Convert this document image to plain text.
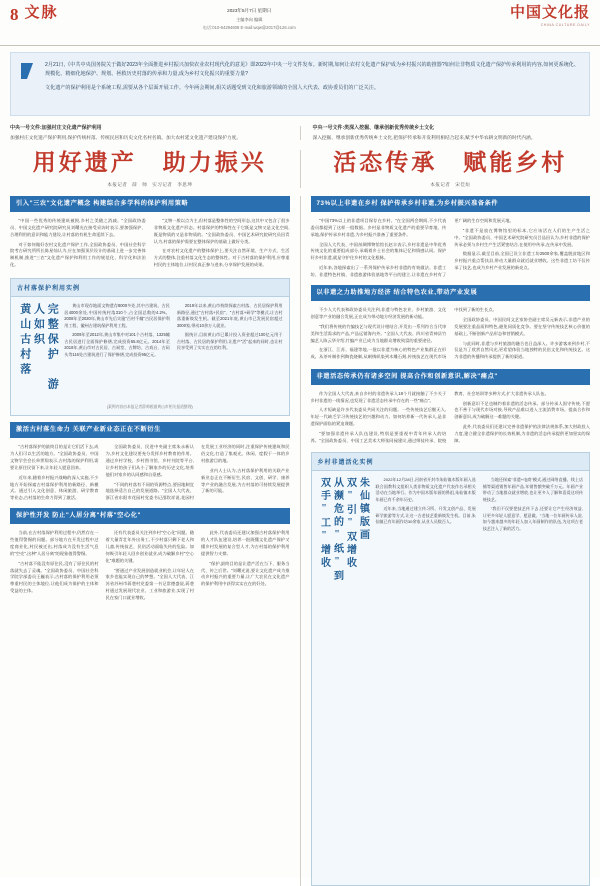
8 文脉	2023年5月7日 星期日
主编李向 编辑
电话:010-64294608 E-mail:wqw@2017@126.com
中国文化报
CHINA CULTURE DAILY

2月21日,《中共中央国务院关于做好2023年全面推进乡村振兴加快农业农村现代化的意见》即2023年中央一号文件发布。新时期,如何让农村文化遗产保护成为乡村振兴的助推器?如何让非物质文化遗产保护传承利用的内容,如何更系统化、规模化、精细化地保护、规划、拯救历史村落的传承和力量,成为乡村文化振兴的重要力量?

文化遗产的保护利用是个系统工程,需要从各个层面开展工作。今年两会期间,相关话题受到文化和旅游领域的全国人大代表、政协委员们的广泛关注。

中央一号文件:加强村庄文化遗产保护利用
加强村庄文化遗产保护利用,保护传统村落、传统民居和历史文化名村名镇。加大农村延文化遗产建设保护力度。
中央一号文件:类深入挖掘、继承创新优秀传统乡土文化
深入挖掘、继承创新优秀传统乡土文化,把保护传承和开发利用相结合起来,赋予中华农耕文明新的时代内涵。
用好遗产　助力振兴
本报记者　薛　帅　实习记者　李思坤
活态传承　赋能乡村
本报记者　宋佳烜
引入"三农"文化遗产概念 构建综合多学科的保护利用策略

"中国一些优秀的传统建筑被毁,乡村之美随之消减。"全国政协委员、中国文化遗产研究院研究员刘曙光在接受采访时表示,要加强保护、合理利用的意识和能力建设,让村落的有机生命延续下去。

对于如何做好农村文化遗产保护工作,全国政协委员、中国社会科学院考古研究所所长陈星灿认为,应在加强顶层设计的基础上进一步完善体制机制,推进"三农"文化遗产保护和利用工作的规范化、科学化和法治化。

"文物一般以点为主,但村落是整体性的空间形态,这其中又包含了很多非物质文化遗产形态。村落保护的特殊性在于它既是文物又是文化空间,既是物质的又是非物质的。"全国政协委员、中国艺术研究院研究员田青认为,村落的保护需要在整体保护的基础上做好分类。

在对农村文化遗产的整体保护上,要关注自然环境、生产方式、生活方式的整体,注重村落文化生态的整体性。对于古村落的保护利用,应尊重村民的主体地位,让村民真正参与进来,分享保护发展的成果。

古村落保护利用实例
完整保护　游人如织
黄山古村落	黄山市现存地面文物遗存8000多处,其中古建筑、古民居4000余处,中国传统村落310个,占全国总数的4.2%。2008年至2020年,黄山市先后实施"百村千幢"古民居保护利用工程、徽州古建筑保护利用工程。

2009年至2012年,黄山市集中对101个古村落、1325幢古民居进行全面保护修缮,完成投资55.8亿元。2014年至2018年,黄山市对古民居、古祠堂、古牌坊、古戏台、古码头等116处古建筑进行了保护修缮,完成投资95亿元。

2019年以来,黄山市持续探索古村落、古民居保护利用新路径,通过"古村落+民宿"、"古村落+研学"等模式,让古村落重新焕发生机。截至2021年底,黄山市已发展民宿超过3000家,带动10余万人就业。

据统计,目前黄山市已累计投入资金超过100亿元用于古村落、古民居的保护利用,让遗产"活"起来的同时,也让村民享受到了实实在在的红利。

(案例内容由本报记者薛帅根据黄山市相关报道整理)
激活古村落生命力 关联产业新业态正在不断衍生

"古村落保护的最终目的是让它们活下去,成为人们可以生活的地方。"全国政协委员、中国文物学会会长单霁翔表示,古村落的保护利用,需要让原住民留下来,让年轻人愿意回来。

近年来,随着乡村振兴战略的深入实施,不少地方开始探索古村落保护利用的新路径、新模式。通过引入文化创意、休闲旅游、研学教育等业态,古村落的生命力得到了激活。

全国政协委员、民进中央副主席朱永新认为,乡村文化建设要充分发挥乡村教育的作用。通过乡村学校、乡村图书馆、乡村书院等平台,让乡村的孩子们从小了解家乡的历史文化,培养他们对家乡的认同感和自豪感。

"不同的村落有不同的资源特点,要因地制宜地选择适合自己的发展道路。"全国人大代表、浙江省东阳市花园村党委书记邵钦祥说,花园村在发展工业经济的同时,注重保护传统建筑和民俗文化,打造了集观光、休闲、度假于一体的乡村旅游目的地。

业内人士认为,古村落保护利用的关联产业新业态正在不断衍生,民宿、文创、研学、康养等产业的融合发展,为古村落的可持续发展提供了新的可能。

保护性开发 防止"人居分离"村落"空心化"

当前,在古村落保护利用过程中,仍然存在一些值得警惕的问题。部分地方在开发过程中过度商业化,村民被迁出,村落成为没有生活气息的"空壳",这种"人居分离"的现象值得警惕。

"古村落不能没有原住民,没有了原住民的村落就失去了灵魂。"全国政协委员、中国社会科学院学部委员王巍表示,古村落的保护利用必须尊重村民的主体地位,让他们成为保护的主体和受益的主体。

还有代表委员关注到乡村"空心化"问题。随着大量青壮年外出务工,不少村落只剩下老人和儿童,传统技艺、民俗活动面临失传的危险。如何吸引年轻人回乡创业就业,成为破解乡村"空心化"难题的关键。

"要通过产业发展创造就业机会,让年轻人在家乡也能实现自己的梦想。"全国人大代表、江苏省苏州市蒋巷村党委第一书记常德盛说,蒋巷村通过发展现代农业、工业和旅游业,实现了村民在家门口就业增收。

此外,代表委员还建议加强古村落保护利用的人才队伍建设,培养一批既懂文化遗产保护又懂乡村发展的复合型人才,为古村落的保护利用提供智力支撑。

"保护,最终目的是让遗产活在当下、服务当代、传之后世。"刘曙光说,要让文化遗产成为推动乡村振兴的重要力量,让广大农民在文化遗产的保护利用中获得实实在在的好处。

73%以上非遗在乡村 保护传承乡村非遗,为乡村振兴准备条件

"中国73%以上的非遗项目保存在乡村。"在全国两会期间,不少代表委员都提到了这样一组数据。乡村是非物质文化遗产的重要孕育地、传承地,保护传承乡村非遗,为乡村振兴准备了重要条件。

全国人大代表、中国丝绸博物馆馆长赵丰表示,乡村非遗是中华优秀传统文化的重要组成部分,承载着乡土社会的集体记忆和情感认同。保护好乡村非遗,就是守护住乡村的文化根脉。

近年来,各地探索出了一系列保护传承乡村非遗的有效做法。非遗工坊、非遗特色村镇、非遗旅游体验基地等平台的建立,让非遗在乡村有了更广阔的生存空间和发展天地。

"非遗不是放在博物馆里的标本,它应该活在人们的生产生活之中。"全国政协委员、中国艺术研究院研究员吕品田认为,乡村非遗的保护传承必须与乡村生产生活紧密结合,在使用中传承,在传承中发展。

数据显示,截至目前,全国已设立非遗工坊2500余家,覆盖脱贫地区和乡村振兴重点帮扶县,带动大量群众就近就业增收。这些非遗工坊不仅传承了技艺,也成为乡村产业发展的新亮点。

以非遗之力助推地方经济 结合特色农业,带动产业发展

不少人大代表和政协委员关注到,非遗与特色农业、乡村旅游、文化创意等产业的融合发展,正在成为带动地方经济发展的新动能。

"我们将传统的竹编技艺与现代设计相结合,开发出一系列符合当代审美和生活需求的产品,产品远销海内外。"全国人大代表、四川省青神县竹编艺人陈云华介绍,竹编产业已成为当地群众增收致富的重要途径。

在浙江、江苏、福建等地,一批以非遗为核心的特色产业集群正在形成。从茶叶制作到陶瓷烧制,从刺绣织染到木雕石刻,传统技艺在现代市场中找到了新的生长点。

全国政协委员、中国民间文艺家协会副主席吴元新表示,非遗产业的发展要注重品质和特色,避免同质化竞争。要在坚守传统技艺核心价值的基础上,不断创新产品形态和营销模式。

与此同时,非遗与乡村旅游的融合也日益深入。许多游客来到乡村,不仅是为了欣赏自然风光,更希望体验当地独特的民俗文化和传统技艺。这为非遗的传播和传承提供了新的渠道。

非遗活态传承仍有诸多空间 提高合作和创新意识,解决"痛点"

作为全国人大代表,来自乡村的非遗传承人18个月就接触了不少关于乡村非遗的一线情况,也发现了非遗活态传承中存在的一些"痛点"。

人才短缺是许多代表委员共同关注的问题。一些传统技艺后继无人,年轻一代缺乏学习传统技艺的兴趣和动力。如何培养新一代传承人,是非遗保护面临的紧迫课题。

"要加强非遗传承人队伍建设,特别是要重视中青年传承人的培养。"全国政协委员、中国工艺美术大师张同禄建议,通过师徒传承、院校教育、社会培训等多种方式,扩大非遗传承人队伍。

创新意识不足也制约着非遗的活态传承。部分传承人固守传统,不愿也不善于与现代市场对接,导致产品难以进入主流消费市场。提高合作和创新意识,成为破解这一难题的关键。

此外,代表委员们还建议完善非遗保护的法律法规体系,加大财政投入力度,建立健全非遗保护的长效机制,为非遗的活态传承提供更加坚实的保障。

乡村非遗活化实例
朱仙镇版画双"引"双增收
从濒危的"纸"到双手"工"增收	2022年12月28日,河南省开封市朱仙镇木版年画入选联合国教科文组织人类非物质文化遗产代表作名录相关活动在当地举行。作为中国木版年画的鼻祖,朱仙镇木版年画已有千余年历史。

近年来,当地通过建立传习所、开发文创产品、发展研学旅游等方式,让这一古老技艺重新焕发生机。目前,朱仙镇已有年画作坊30余家,从业人员数百人。

当地还探索"非遗+电商"模式,通过网络直播、线上店铺等渠道销售年画产品,年销售额突破千万元。年画产业带动了当地群众就业增收,也让更多人了解和喜爱这项传统技艺。

"我们不仅要把技艺传下去,还要让它产生经济效益,让更多年轻人愿意学、愿意做。"当地一位年画传承人说,如今越来越多的年轻人加入年画制作的队伍,为这项古老技艺注入了新的活力。
